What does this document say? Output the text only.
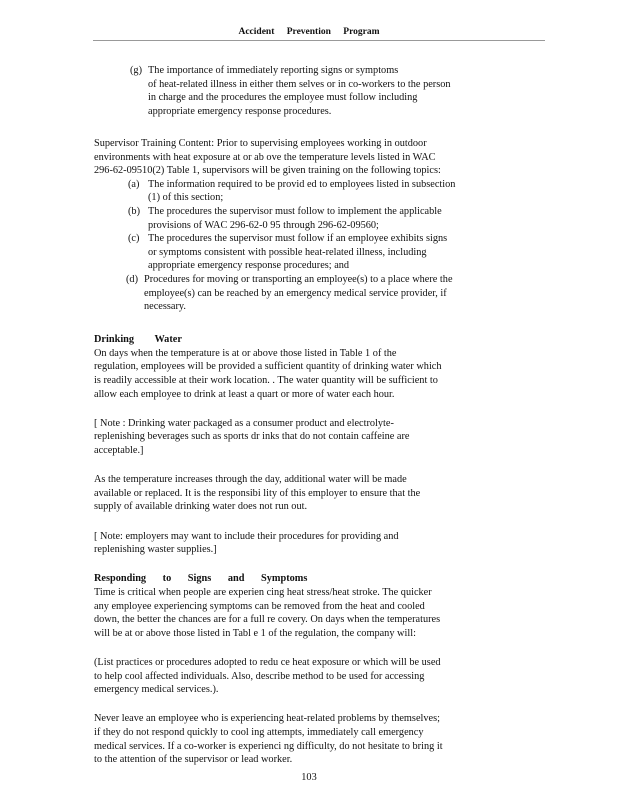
Accident Prevention Program
(g) The importance of immediately reporting signs or symptoms
of heat-related illness in either them selves or in co-workers to the person
in charge and the procedures the employee must follow including
appropriate emergency response procedures.
Supervisor Training Content: Prior to supervising employees working in outdoor
environments with heat exposure at or ab ove the temperature levels listed in WAC
296-62-09510(2) Table 1, supervisors will be given training on the following topics:
(a) The information required to be provid ed to employees listed in subsection
(1) of this section;
(b) The procedures the supervisor must follow to implement the applicable
provisions of WAC 296-62-0 95 through 296-62-09560;
(c) The procedures the supervisor must follow if an employee exhibits signs
or symptoms consistent with possible heat-related illness, including
appropriate emergency response procedures; and
(d) Procedures for moving or transporting an employee(s) to a place where the
employee(s) can be reached by an emergency medical service provider, if
necessary.
Drinking Water
On days when the temperature is at or above those listed in Table 1 of the
regulation, employees will be provided a sufficient quantity of drinking water which
is readily accessible at their work location. . The water quantity will be sufficient to
allow each employee to drink at least a quart or more of water each hour.
[ Note : Drinking water packaged as a consumer product and electrolyte-
replenishing beverages such as sports dr inks that do not contain caffeine are
acceptable.]
As the temperature increases through the day, additional water will be made
available or replaced. It is the responsibi lity of this employer to ensure that the
supply of available drinking water does not run out.
[ Note: employers may want to include their procedures for providing and
replenishing waster supplies.]
Responding to Signs and Symptoms
Time is critical when people are experien cing heat stress/heat stroke. The quicker
any employee experiencing symptoms can be removed from the heat and cooled
down, the better the chances are for a full re covery. On days when the temperatures
will be at or above those listed in Tabl e 1 of the regulation, the company will:
(List practices or procedures adopted to redu ce heat exposure or which will be used
to help cool affected individuals. Also, describe method to be used for accessing
emergency medical services.).
Never leave an employee who is experiencing heat-related problems by themselves;
if they do not respond quickly to cool ing attempts, immediately call emergency
medical services. If a co-worker is experienci ng difficulty, do not hesitate to bring it
to the attention of the supervisor or lead worker.
103
